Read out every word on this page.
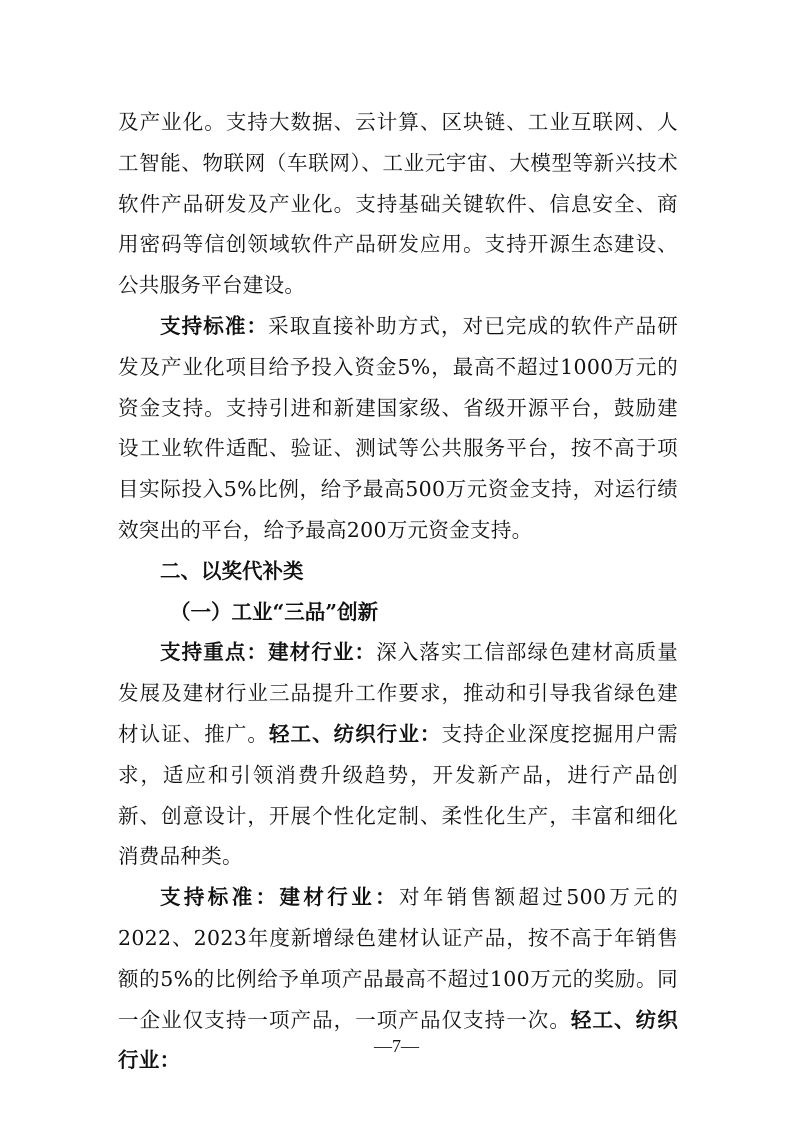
及产业化。支持大数据、云计算、区块链、工业互联网、人工智能、物联网（车联网）、工业元宇宙、大模型等新兴技术软件产品研发及产业化。支持基础关键软件、信息安全、商用密码等信创领域软件产品研发应用。支持开源生态建设、公共服务平台建设。

支持标准：采取直接补助方式，对已完成的软件产品研发及产业化项目给予投入资金5%，最高不超过1000万元的资金支持。支持引进和新建国家级、省级开源平台，鼓励建设工业软件适配、验证、测试等公共服务平台，按不高于项目实际投入5%比例，给予最高500万元资金支持，对运行绩效突出的平台，给予最高200万元资金支持。

二、以奖代补类

（一）工业“三品”创新

支持重点：建材行业：深入落实工信部绿色建材高质量发展及建材行业三品提升工作要求，推动和引导我省绿色建材认证、推广。轻工、纺织行业：支持企业深度挖掘用户需求，适应和引领消费升级趋势，开发新产品，进行产品创新、创意设计，开展个性化定制、柔性化生产，丰富和细化消费品种类。

支持标准：建材行业：对年销售额超过500万元的2022、2023年度新增绿色建材认证产品，按不高于年销售额的5%的比例给予单项产品最高不超过100万元的奖励。同一企业仅支持一项产品，一项产品仅支持一次。轻工、纺织行业：

—7—
